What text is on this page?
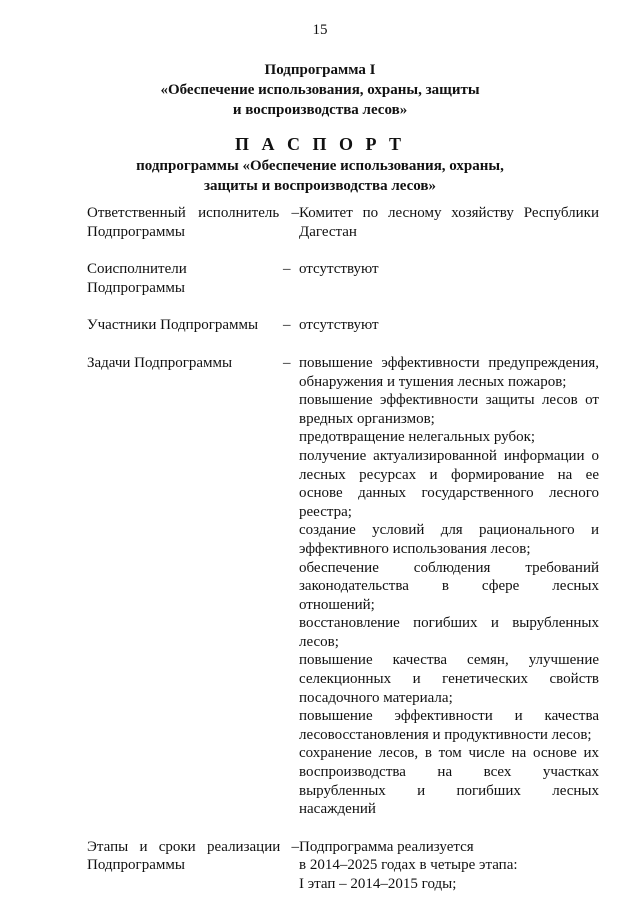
15
Подпрограмма I
«Обеспечение использования, охраны, защиты
и воспроизводства лесов»
П А С П О Р Т
подпрограммы «Обеспечение использования, охраны,
защиты и воспроизводства лесов»
Ответственный исполнитель –
Подпрограммы
Комитет по лесному хозяйству Республики
Дагестан
Соисполнители
Подпрограммы
– отсутствуют
Участники Подпрограммы	– отсутствуют
Задачи Подпрограммы	– повышение эффективности предупреждения,
обнаружения и тушения лесных пожаров;
повышение эффективности защиты лесов от
вредных организмов;
предотвращение нелегальных рубок;
получение актуализированной информации о
лесных ресурсах и формирование на ее
основе данных государственного лесного
реестра;
создание условий для рационального и
эффективного использования лесов;
обеспечение соблюдения требований
законодательства в сфере лесных
отношений;
восстановление погибших и вырубленных
лесов;
повышение качества семян, улучшение
селекционных и генетических свойств
посадочного материала;
повышение эффективности и качества
лесовосстановления и продуктивности лесов;
сохранение лесов, в том числе на основе их
воспроизводства на всех участках
вырубленных и погибших лесных
насаждений
Этапы и сроки реализации –
Подпрограммы
Подпрограмма реализуется
в 2014–2025 годах в четыре этапа:
I этап – 2014–2015 годы;
